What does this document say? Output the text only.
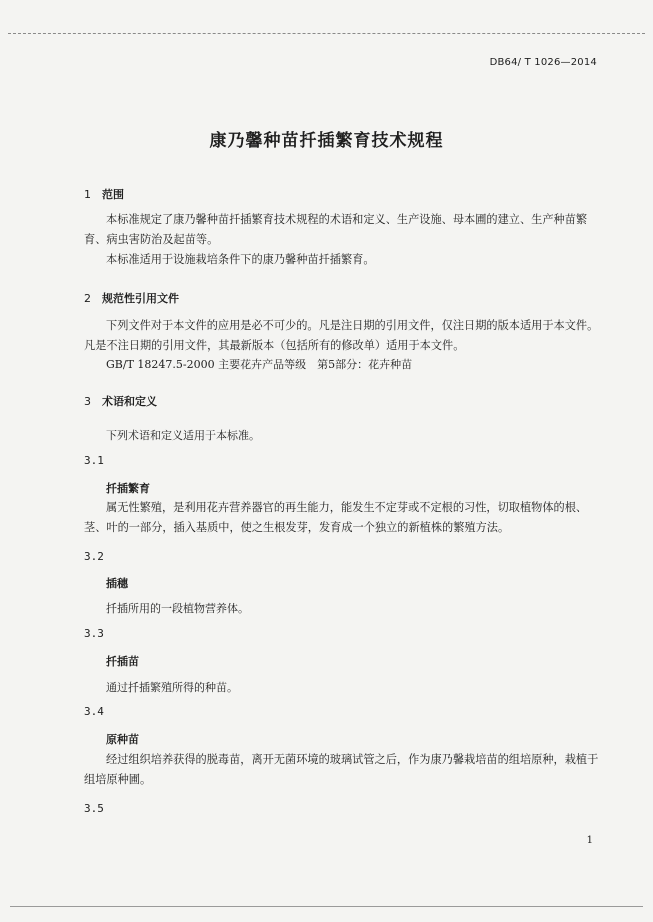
DB64/ T 1026—2014
康乃馨种苗扦插繁育技术规程
1 范围
本标准规定了康乃馨种苗扦插繁育技术规程的术语和定义、生产设施、母本圃的建立、生产种苗繁育、病虫害防治及起苗等。
本标准适用于设施栽培条件下的康乃馨种苗扦插繁育。
2 规范性引用文件
下列文件对于本文件的应用是必不可少的。凡是注日期的引用文件，仅注日期的版本适用于本文件。凡是不注日期的引用文件，其最新版本（包括所有的修改单）适用于本文件。
GB/T 18247.5-2000 主要花卉产品等级　第5部分：花卉种苗
3 术语和定义
下列术语和定义适用于本标准。
3.1
扦插繁育
属无性繁殖，是利用花卉营养器官的再生能力，能发生不定芽或不定根的习性，切取植物体的根、茎、叶的一部分，插入基质中，使之生根发芽，发育成一个独立的新植株的繁殖方法。
3.2
插穗
扦插所用的一段植物营养体。
3.3
扦插苗
通过扦插繁殖所得的种苗。
3.4
原种苗
经过组织培养获得的脱毒苗，离开无菌环境的玻璃试管之后，作为康乃馨栽培苗的组培原种，栽植于组培原种圃。
3.5
1
